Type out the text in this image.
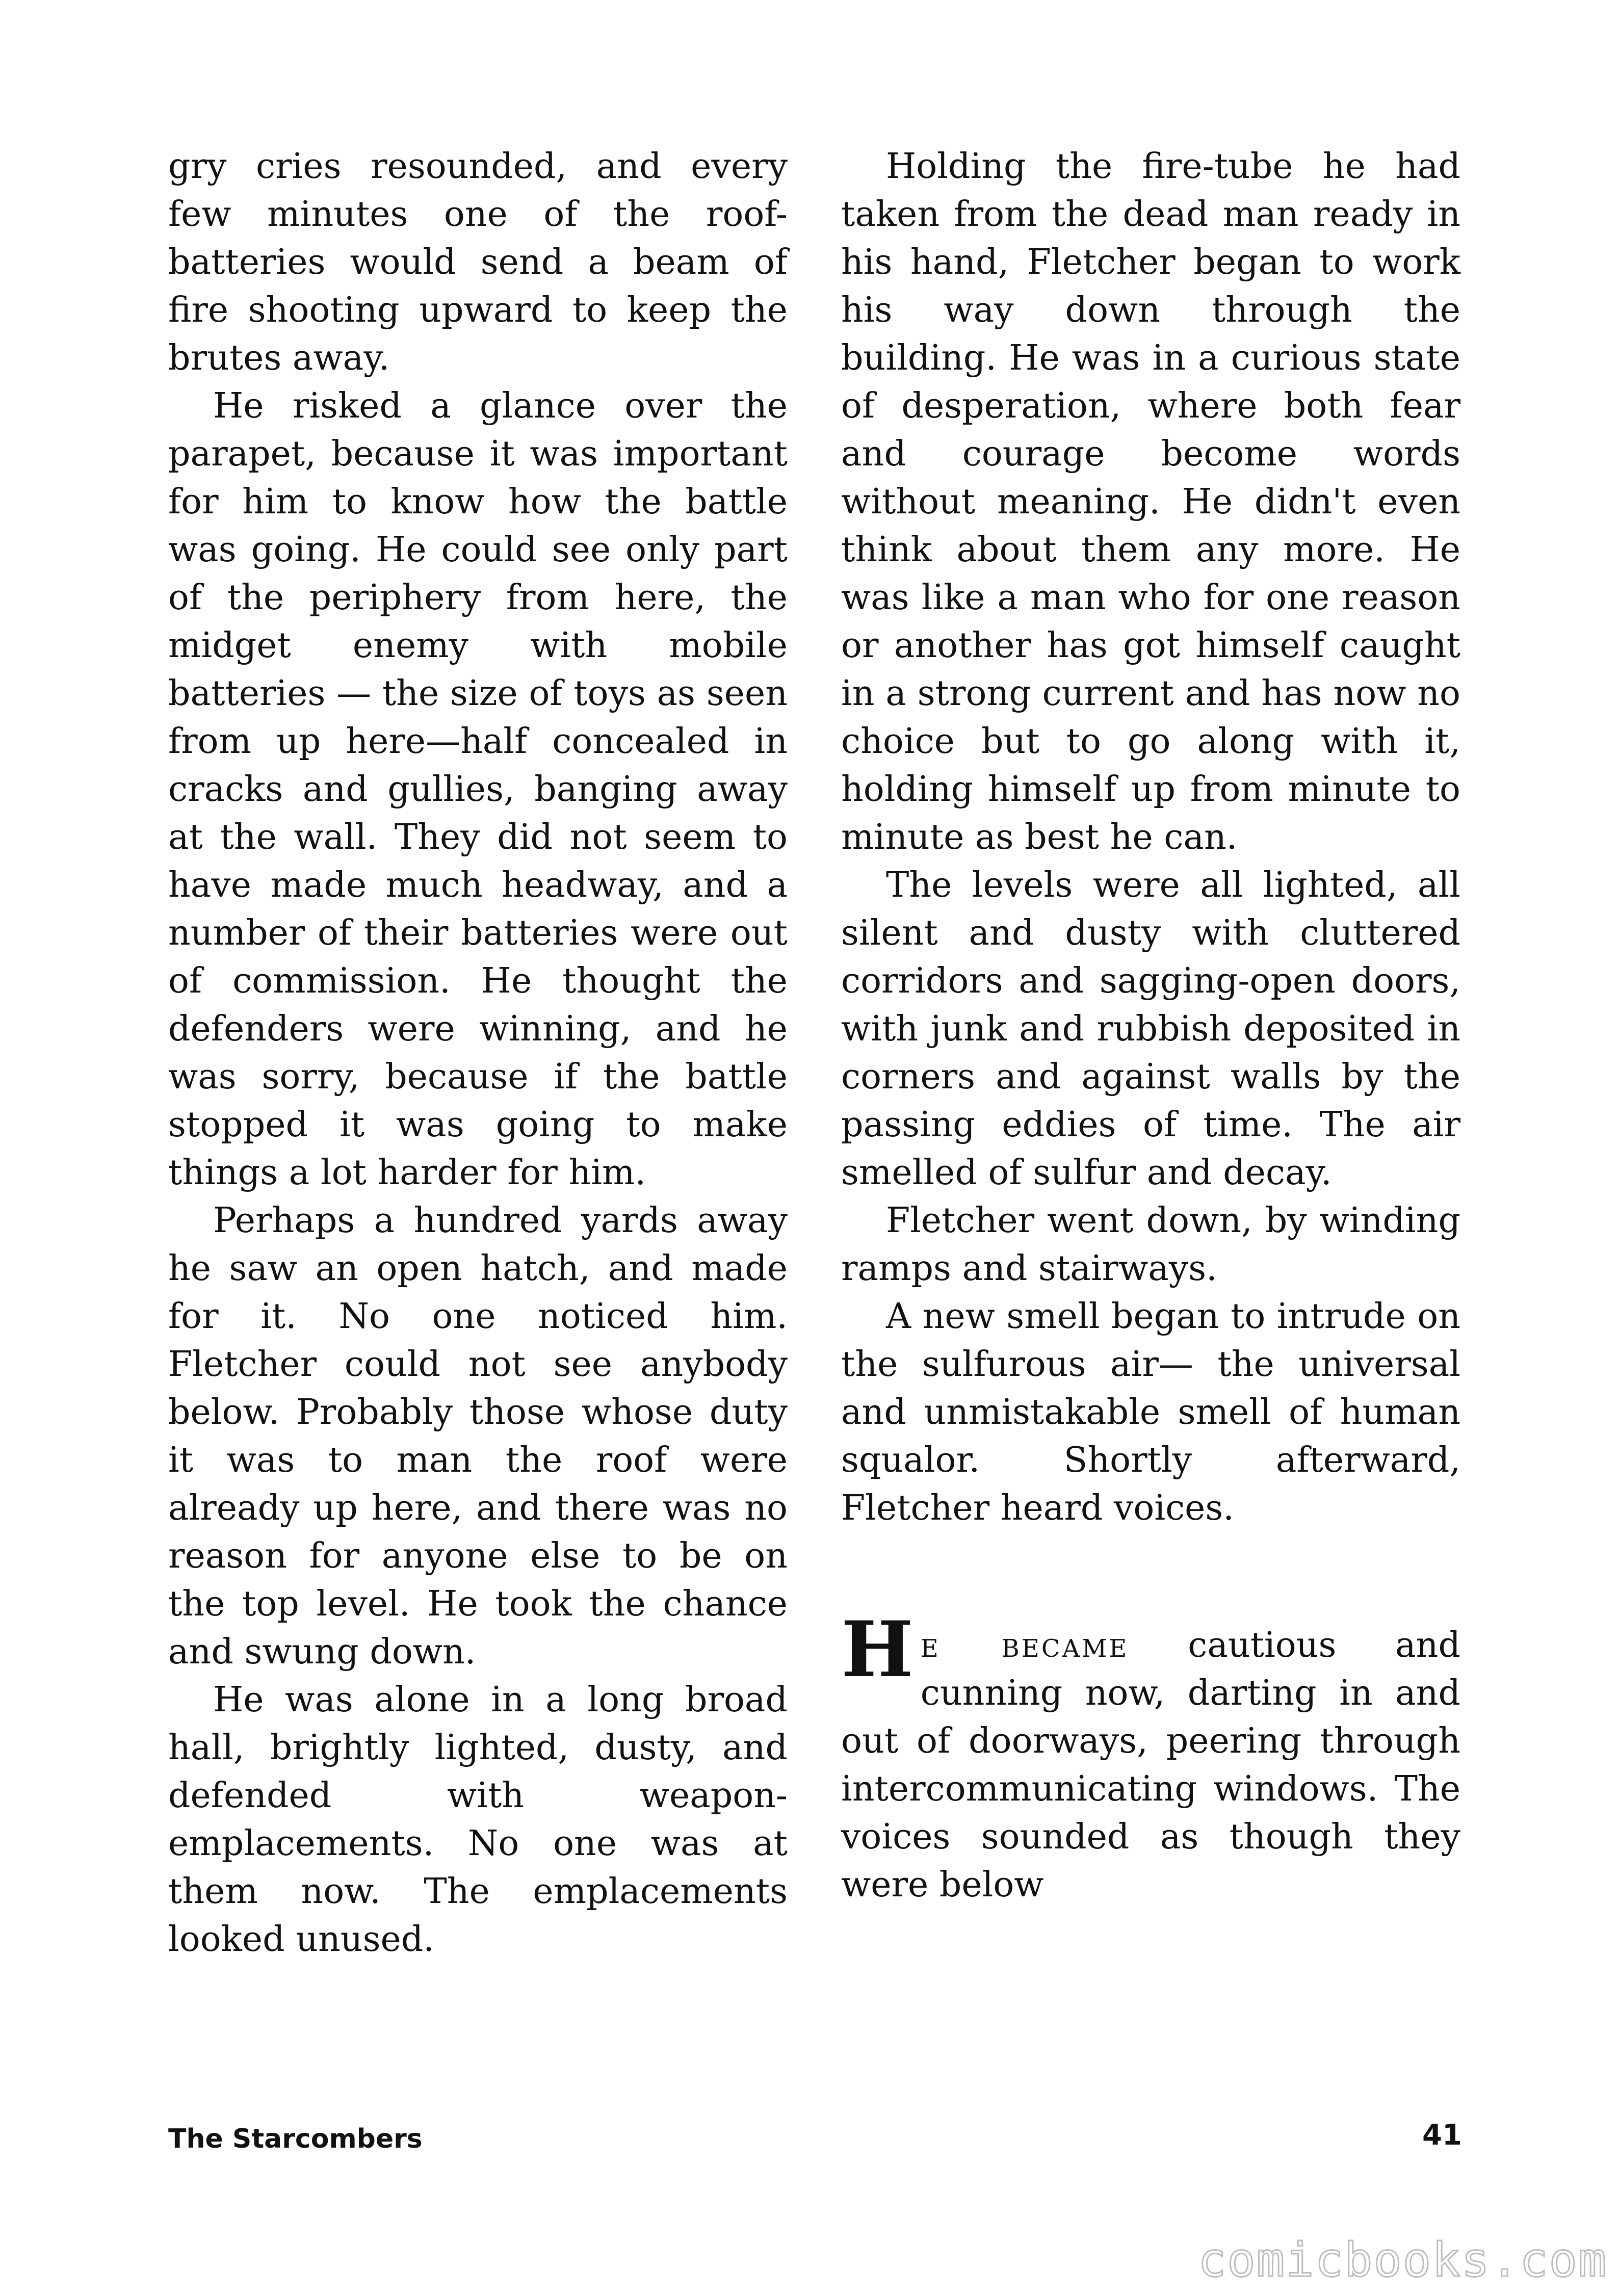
gry cries resounded, and every few minutes one of the roof-batteries would send a beam of fire shooting upward to keep the brutes away.

He risked a glance over the parapet, because it was important for him to know how the battle was going. He could see only part of the periphery from here, the midget enemy with mobile batteries — the size of toys as seen from up here—half concealed in cracks and gullies, banging away at the wall. They did not seem to have made much headway, and a number of their batteries were out of commission. He thought the defenders were winning, and he was sorry, because if the battle stopped it was going to make things a lot harder for him.

Perhaps a hundred yards away he saw an open hatch, and made for it. No one noticed him. Fletcher could not see anybody below. Probably those whose duty it was to man the roof were already up here, and there was no reason for anyone else to be on the top level. He took the chance and swung down.

He was alone in a long broad hall, brightly lighted, dusty, and defended with weapon-emplacements. No one was at them now. The emplacements looked unused.

Holding the fire-tube he had taken from the dead man ready in his hand, Fletcher began to work his way down through the building. He was in a curious state of desperation, where both fear and courage become words without meaning. He didn't even think about them any more. He was like a man who for one reason or another has got himself caught in a strong current and has now no choice but to go along with it, holding himself up from minute to minute as best he can.

The levels were all lighted, all silent and dusty with cluttered corridors and sagging-open doors, with junk and rubbish deposited in corners and against walls by the passing eddies of time. The air smelled of sulfur and decay.

Fletcher went down, by winding ramps and stairways.

A new smell began to intrude on the sulfurous air— the universal and unmistakable smell of human squalor. Shortly afterward, Fletcher heard voices.

He became cautious and cunning now, darting in and out of doorways, peering through intercommunicating windows. The voices sounded as though they were below

The Starcombers	41
comicbooks.com
